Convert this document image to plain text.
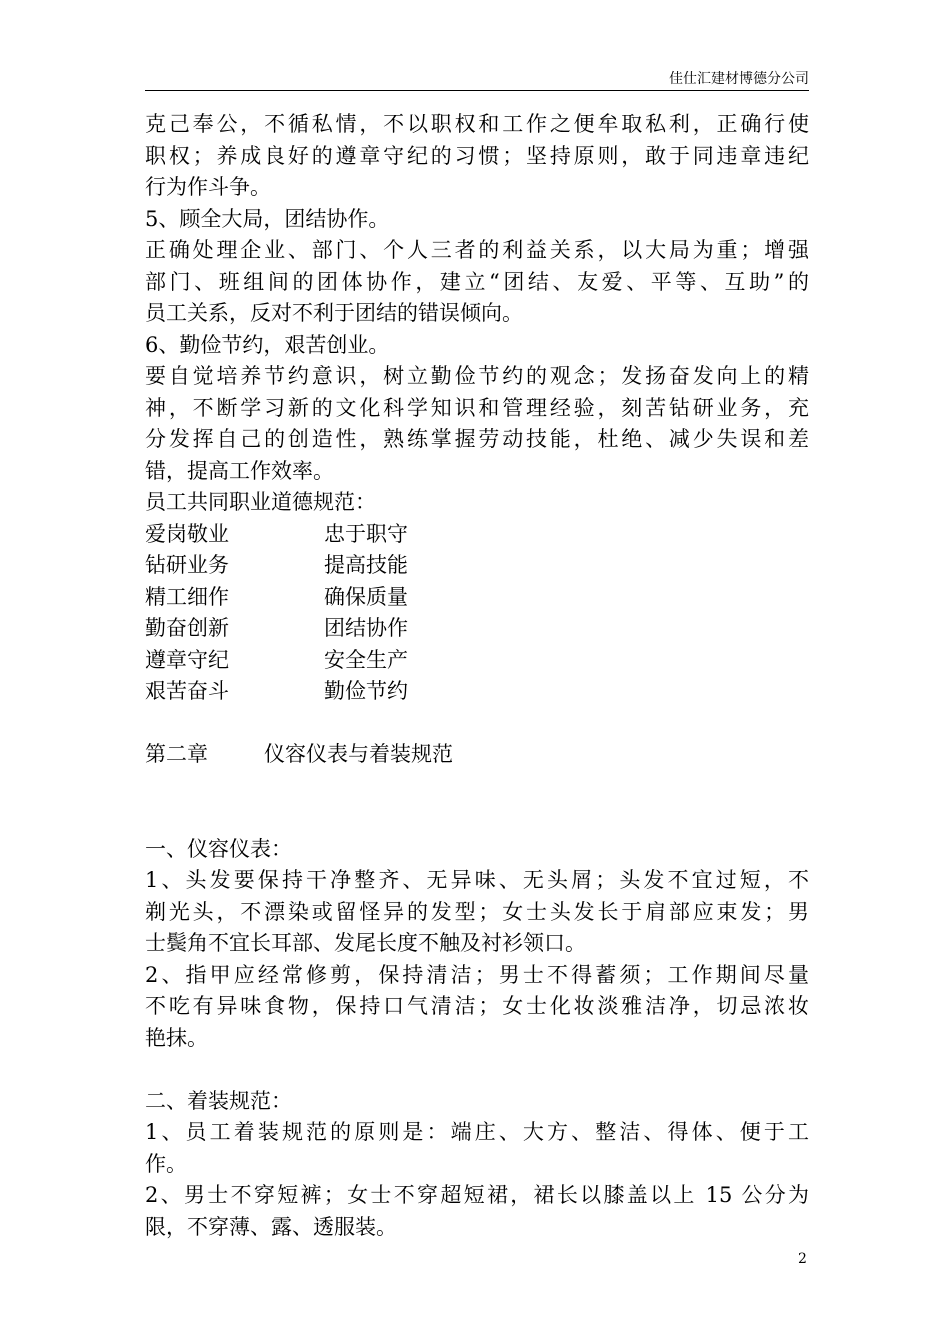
佳仕汇建材博德分公司
克己奉公，不循私情，不以职权和工作之便牟取私利，正确行使
职权；养成良好的遵章守纪的习惯；坚持原则，敢于同违章违纪
行为作斗争。
5、顾全大局，团结协作。
正确处理企业、部门、个人三者的利益关系，以大局为重；增强
部门、班组间的团体协作，建立“团结、友爱、平等、互助”的
员工关系，反对不利于团结的错误倾向。
6、勤俭节约，艰苦创业。
要自觉培养节约意识，树立勤俭节约的观念；发扬奋发向上的精
神，不断学习新的文化科学知识和管理经验，刻苦钻研业务，充
分发挥自己的创造性，熟练掌握劳动技能，杜绝、减少失误和差
错，提高工作效率。
员工共同职业道德规范：
爱岗敬业	忠于职守
钻研业务	提高技能
精工细作	确保质量
勤奋创新	团结协作
遵章守纪	安全生产
艰苦奋斗	勤俭节约
第二章	仪容仪表与着装规范
一、仪容仪表：
1、头发要保持干净整齐、无异味、无头屑；头发不宜过短，不
剃光头，不漂染或留怪异的发型；女士头发长于肩部应束发；男
士鬓角不宜长耳部、发尾长度不触及衬衫领口。
2、指甲应经常修剪，保持清洁；男士不得蓄须；工作期间尽量
不吃有异味食物，保持口气清洁；女士化妆淡雅洁净，切忌浓妆
艳抹。
二、着装规范：
1、员工着装规范的原则是：端庄、大方、整洁、得体、便于工
作。
2、男士不穿短裤；女士不穿超短裙，裙长以膝盖以上 15 公分为
限，不穿薄、露、透服装。
2
